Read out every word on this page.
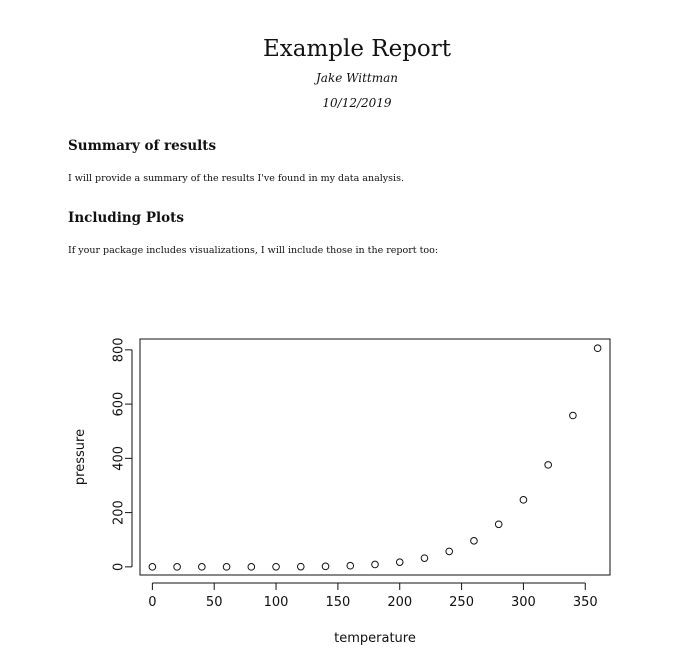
Example Report
Jake Wittman
10/12/2019
Summary of results

I will provide a summary of the results I've found in my data analysis.

Including Plots

If your package includes visualizations, I will include those in the report too:

0	50	100	150	200	250	300	350
0
200
400
600
800
temperature
pressure
